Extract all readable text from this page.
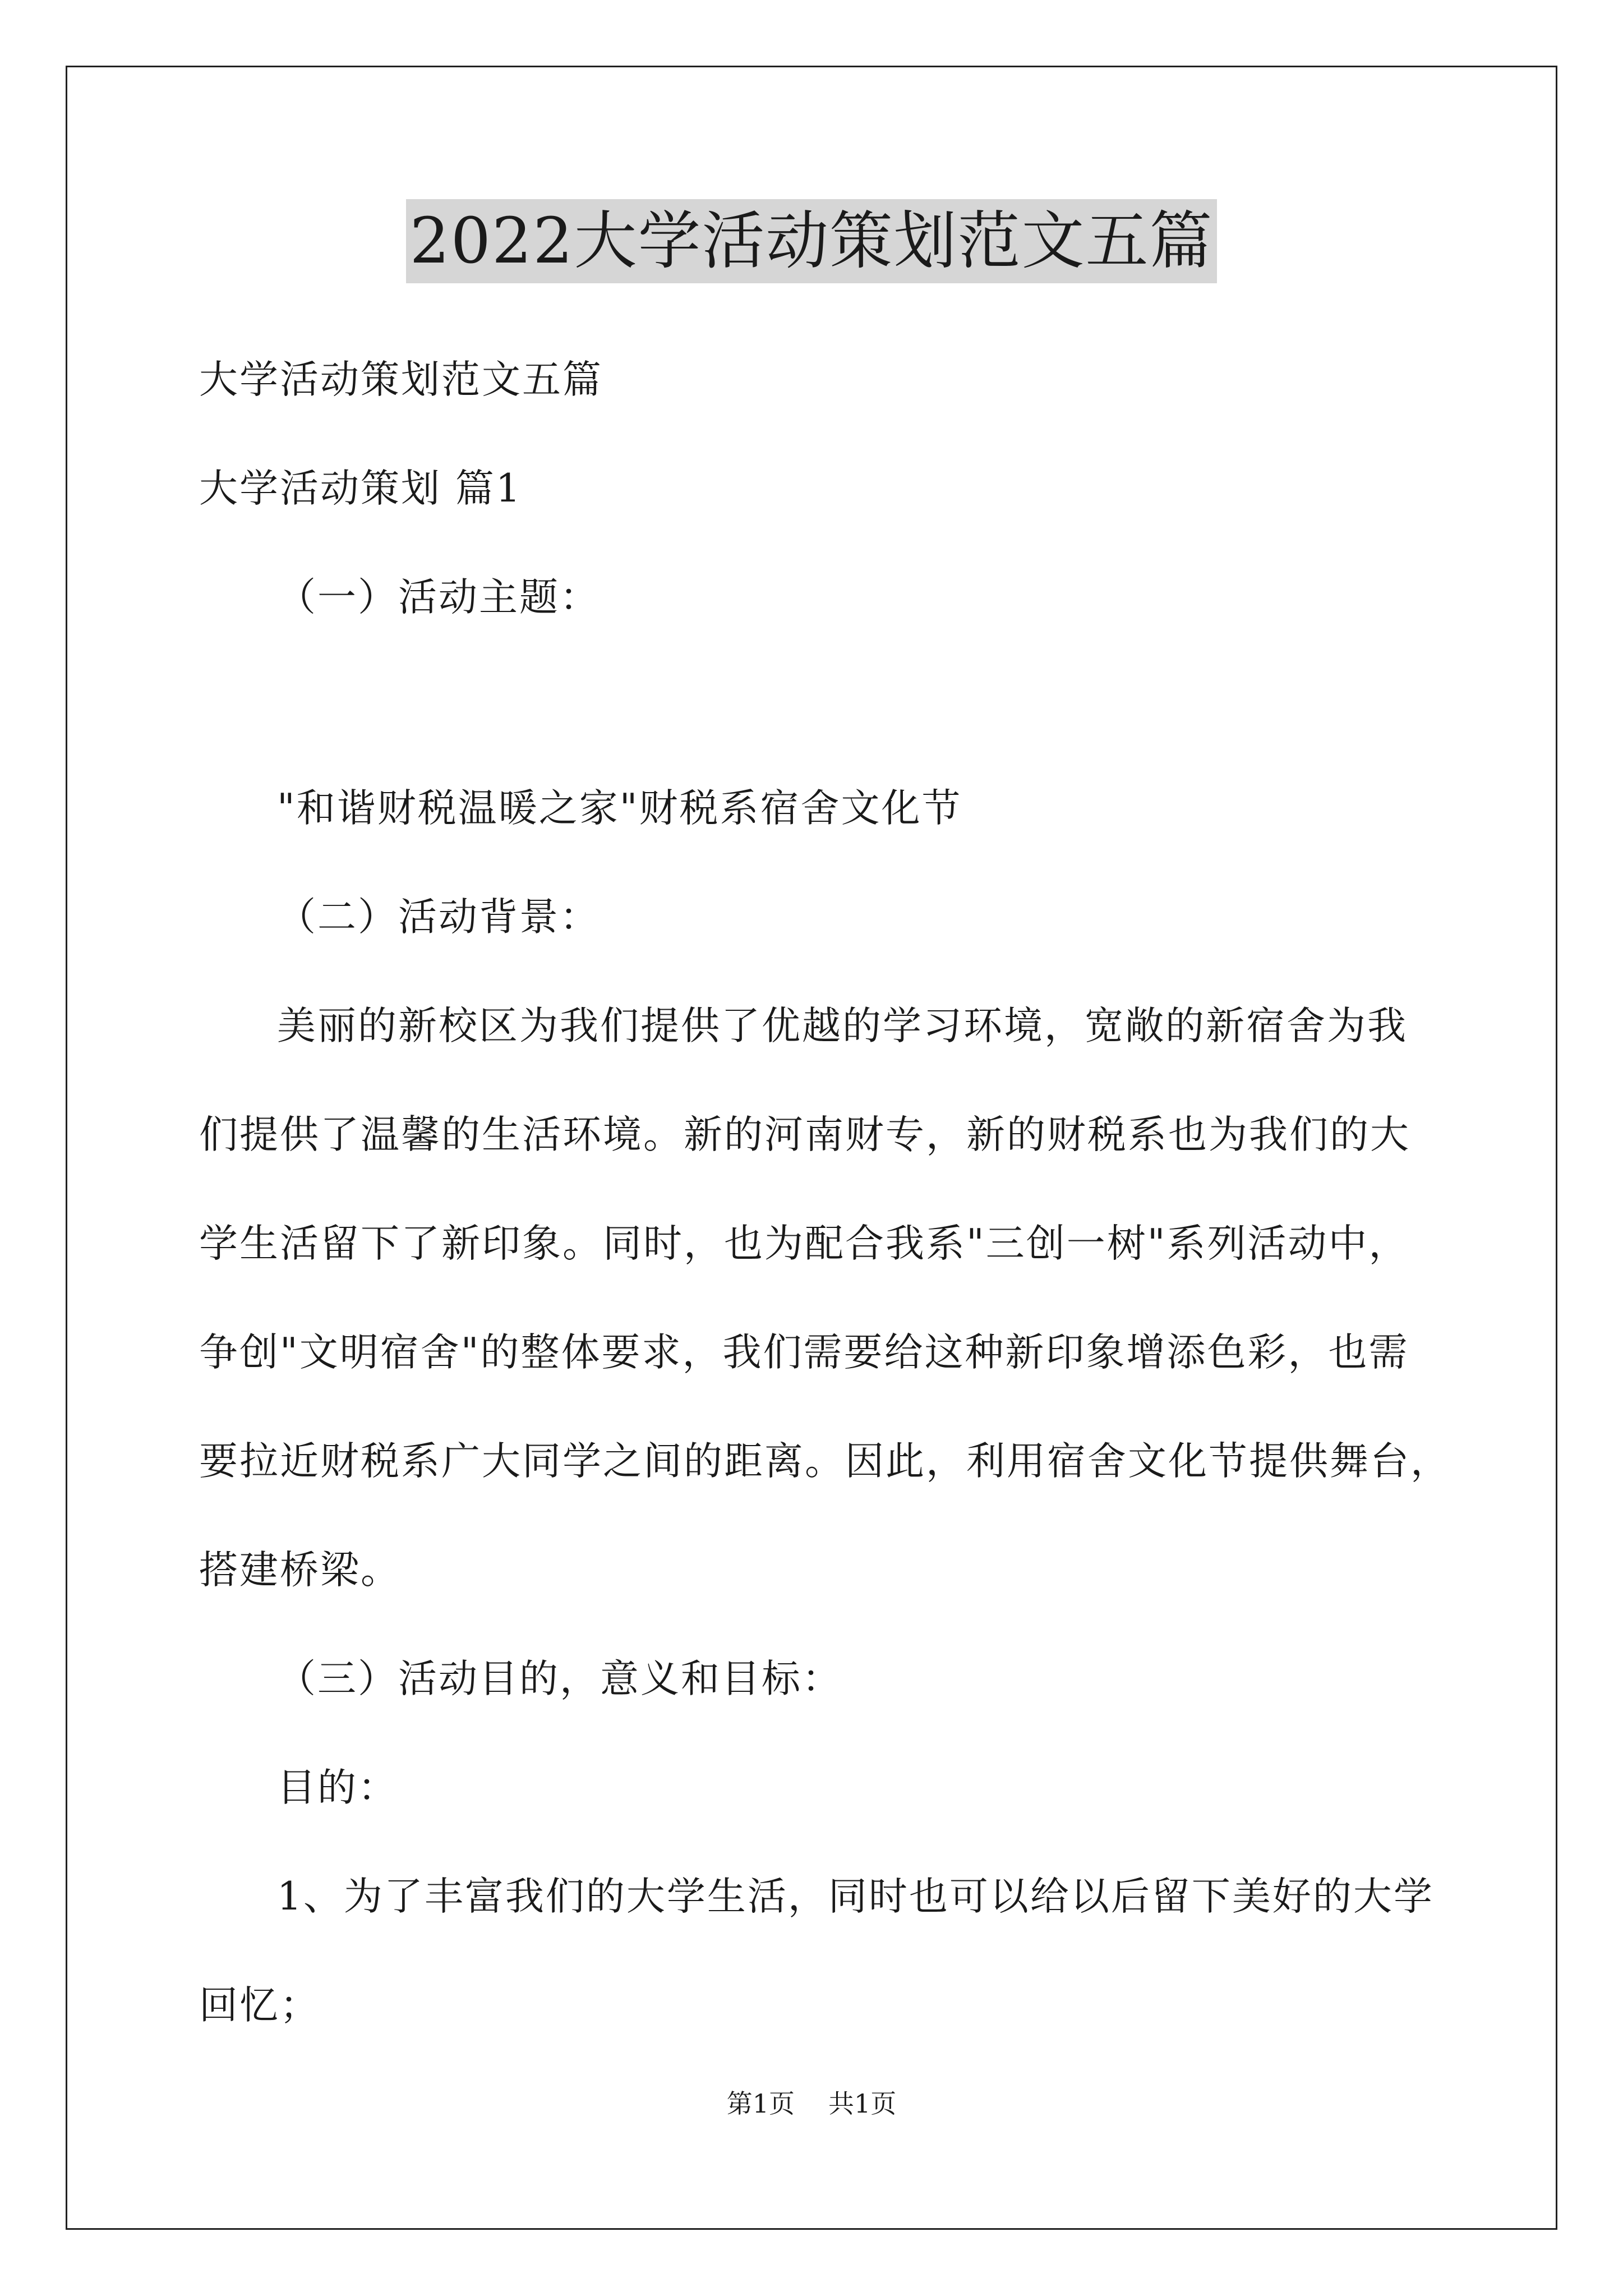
2022大学活动策划范文五篇
大学活动策划范文五篇
大学活动策划 篇1
（一）活动主题：
"和谐财税温暖之家"财税系宿舍文化节
（二）活动背景：
美丽的新校区为我们提供了优越的学习环境，宽敞的新宿舍为我
们提供了温馨的生活环境。新的河南财专，新的财税系也为我们的大
学生活留下了新印象。同时，也为配合我系"三创一树"系列活动中，
争创"文明宿舍"的整体要求，我们需要给这种新印象增添色彩，也需
要拉近财税系广大同学之间的距离。因此，利用宿舍文化节提供舞台，
搭建桥梁。
（三）活动目的，意义和目标：
目的：
1、为了丰富我们的大学生活，同时也可以给以后留下美好的大学
回忆；
第1页 共1页
